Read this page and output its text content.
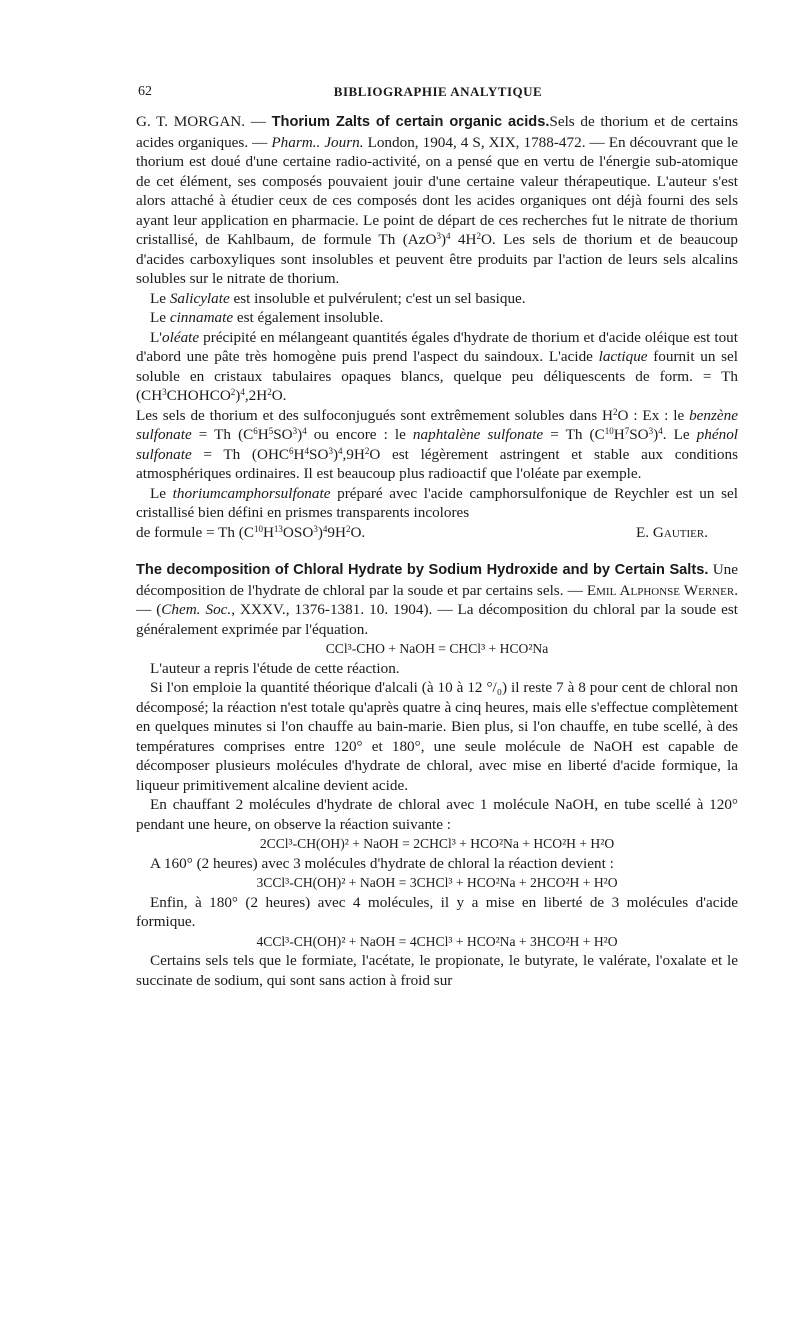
62	BIBLIOGRAPHIE ANALYTIQUE

G. T. MORGAN. — Thorium Zalts of certain organic acids.Sels de thorium et de certains acides organiques. — Pharm.. Journ. London, 1904, 4 S, XIX, 1788-472. — En découvrant que le thorium est doué d'une certaine radio-activité, on a pensé que en vertu de l'énergie sub-atomique de cet élément, ses composés pouvaient jouir d'une certaine valeur thérapeutique. L'auteur s'est alors attaché à étudier ceux de ces composés dont les acides organiques ont déjà fourni des sels ayant leur application en pharmacie. Le point de départ de ces recherches fut le nitrate de thorium cristallisé, de Kahlbaum, de formule Th $(AzO^3)^4$ $4H^2O$. Les sels de thorium et de beaucoup d'acides carboxyliques sont insolubles et peuvent être produits par l'action de leurs sels alcalins solubles sur le nitrate de thorium.

Le Salicylate est insoluble et pulvérulent; c'est un sel basique.

Le cinnamate est également insoluble.

L'oléate précipité en mélangeant quantités égales d'hydrate de thorium et d'acide oléique est tout d'abord une pâte très homogène puis prend l'aspect du saindoux. L'acide lactique fournit un sel soluble en cristaux tabulaires opaques blancs, quelque peu déliquescents de form. = Th $(CH^3CHOHCO^2)^4,2H^2O$.

Les sels de thorium et des sulfoconjugués sont extrêmement solubles dans $H^2O$ : Ex : le benzène sulfonate = Th $(C^6H^5SO^3)^4$ ou encore : le naphtalène sulfonate = Th $(C^{10}H^7SO^3)^4$. Le phénol sulfonate = Th $(OHC^6H^4SO^3)^4,9H^2O$ est légèrement astringent et stable aux conditions atmosphériques ordinaires. Il est beaucoup plus radioactif que l'oléate par exemple.

Le thoriumcamphorsulfonate préparé avec l'acide camphorsulfonique de Reychler est un sel cristallisé bien défini en prismes transparents incolores

de formule = Th $(C^{10}H^{13}OSO^3)^49H^2O$.	E. Gautier.

The decomposition of Chloral Hydrate by Sodium Hydroxide and by Certain Salts. Une décomposition de l'hydrate de chloral par la soude et par certains sels. — Emil Alphonse Werner. — (Chem. Soc., XXXV., 1376-1381. 10. 1904). — La décomposition du chloral par la soude est généralement exprimée par l'équation.

CCl³-CHO + NaOH = CHCl³ + HCO²Na

L'auteur a repris l'étude de cette réaction.

Si l'on emploie la quantité théorique d'alcali (à 10 à 12 °/₀) il reste 7 à 8 pour cent de chloral non décomposé; la réaction n'est totale qu'après quatre à cinq heures, mais elle s'effectue complètement en quelques minutes si l'on chauffe au bain-marie. Bien plus, si l'on chauffe, en tube scellé, à des températures comprises entre 120° et 180°, une seule molécule de NaOH est capable de décomposer plusieurs molécules d'hydrate de chloral, avec mise en liberté d'acide formique, la liqueur primitivement alcaline devient acide.

En chauffant 2 molécules d'hydrate de chloral avec 1 molécule NaOH, en tube scellé à 120° pendant une heure, on observe la réaction suivante :

2CCl³-CH(OH)² + NaOH = 2CHCl³ + HCO²Na + HCO²H + H²O

A 160° (2 heures) avec 3 molécules d'hydrate de chloral la réaction devient :

3CCl³-CH(OH)² + NaOH = 3CHCl³ + HCO²Na + 2HCO²H + H²O

Enfin, à 180° (2 heures) avec 4 molécules, il y a mise en liberté de 3 molécules d'acide formique.

4CCl³-CH(OH)² + NaOH = 4CHCl³ + HCO²Na + 3HCO²H + H²O

Certains sels tels que le formiate, l'acétate, le propionate, le butyrate, le valérate, l'oxalate et le succinate de sodium, qui sont sans action à froid sur
